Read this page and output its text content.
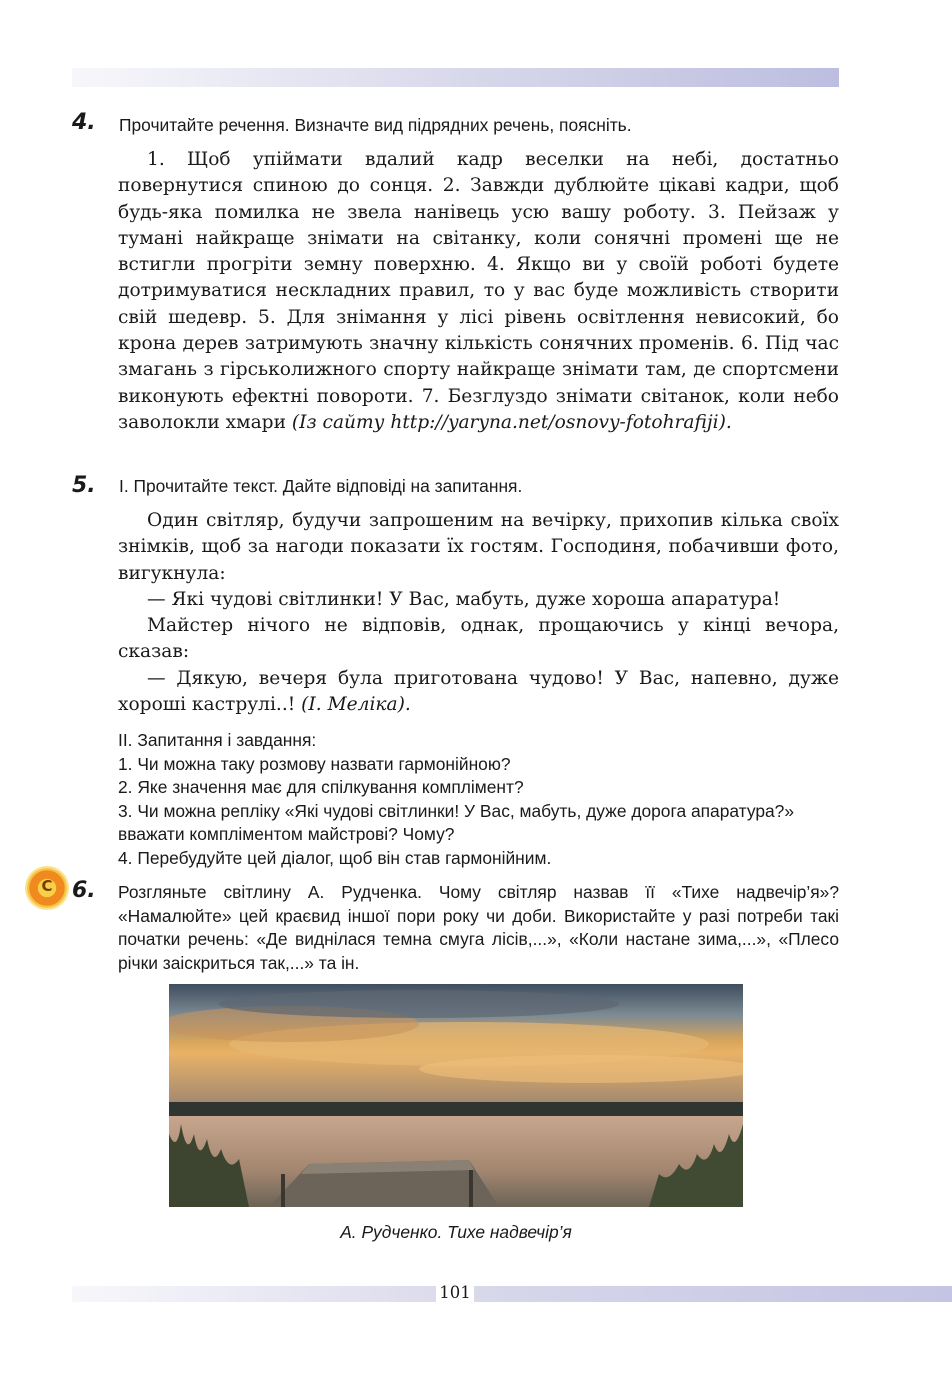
4. Прочитайте речення. Визначте вид підрядних речень, поясніть.

1. Щоб упіймати вдалий кадр веселки на небі, достатньо повернутися спиною до сонця. 2. Завжди дублюйте цікаві кадри, щоб будь-яка помилка не звела нанівець усю вашу роботу. 3. Пейзаж у тумані найкраще знімати на світанку, коли сонячні промені ще не встигли прогріти земну поверхню. 4. Якщо ви у своїй роботі будете дотримуватися нескладних правил, то у вас буде можливість створити свій шедевр. 5. Для знімання у лісі рівень освітлення невисокий, бо крона дерев затримують значну кількість сонячних променів. 6. Під час змагань з гірськолижного спорту найкраще знімати там, де спортсмени виконують ефектні повороти. 7. Безглуздо знімати світанок, коли небо заволокли хмари (Із сайту http://yaryna.net/osnovy-fotohrafiji).

5. І. Прочитайте текст. Дайте відповіді на запитання.

Один світляр, будучи запрошеним на вечірку, прихопив кілька своїх знімків, щоб за нагоди показати їх гостям. Господиня, побачивши фото, вигукнула:

— Які чудові світлинки! У Вас, мабуть, дуже хороша апаратура!

Майстер нічого не відповів, однак, прощаючись у кінці вечора, сказав:

— Дякую, вечеря була приготована чудово! У Вас, напевно, дуже хороші каструлі..! (І. Меліка).

ІІ. Запитання і завдання:
1. Чи можна таку розмову назвати гармонійною?
2. Яке значення має для спілкування комплімент?
3. Чи можна репліку «Які чудові світлинки! У Вас, мабуть, дуже дорога апаратура?» вважати компліментом майстрові? Чому?
4. Перебудуйте цей діалог, щоб він став гармонійним.
С 6. Розгляньте світлину А. Рудченка. Чому світляр назвав її «Тихе надвечір’я»? «Намалюйте» цей краєвид іншої пори року чи доби. Використайте у разі потреби такі початки речень: «Де виднілася темна смуга лісів,...», «Коли настане зима,...», «Плесо річки заіскриться так,...» та ін.
А. Рудченко. Тихе надвечір’я
101
